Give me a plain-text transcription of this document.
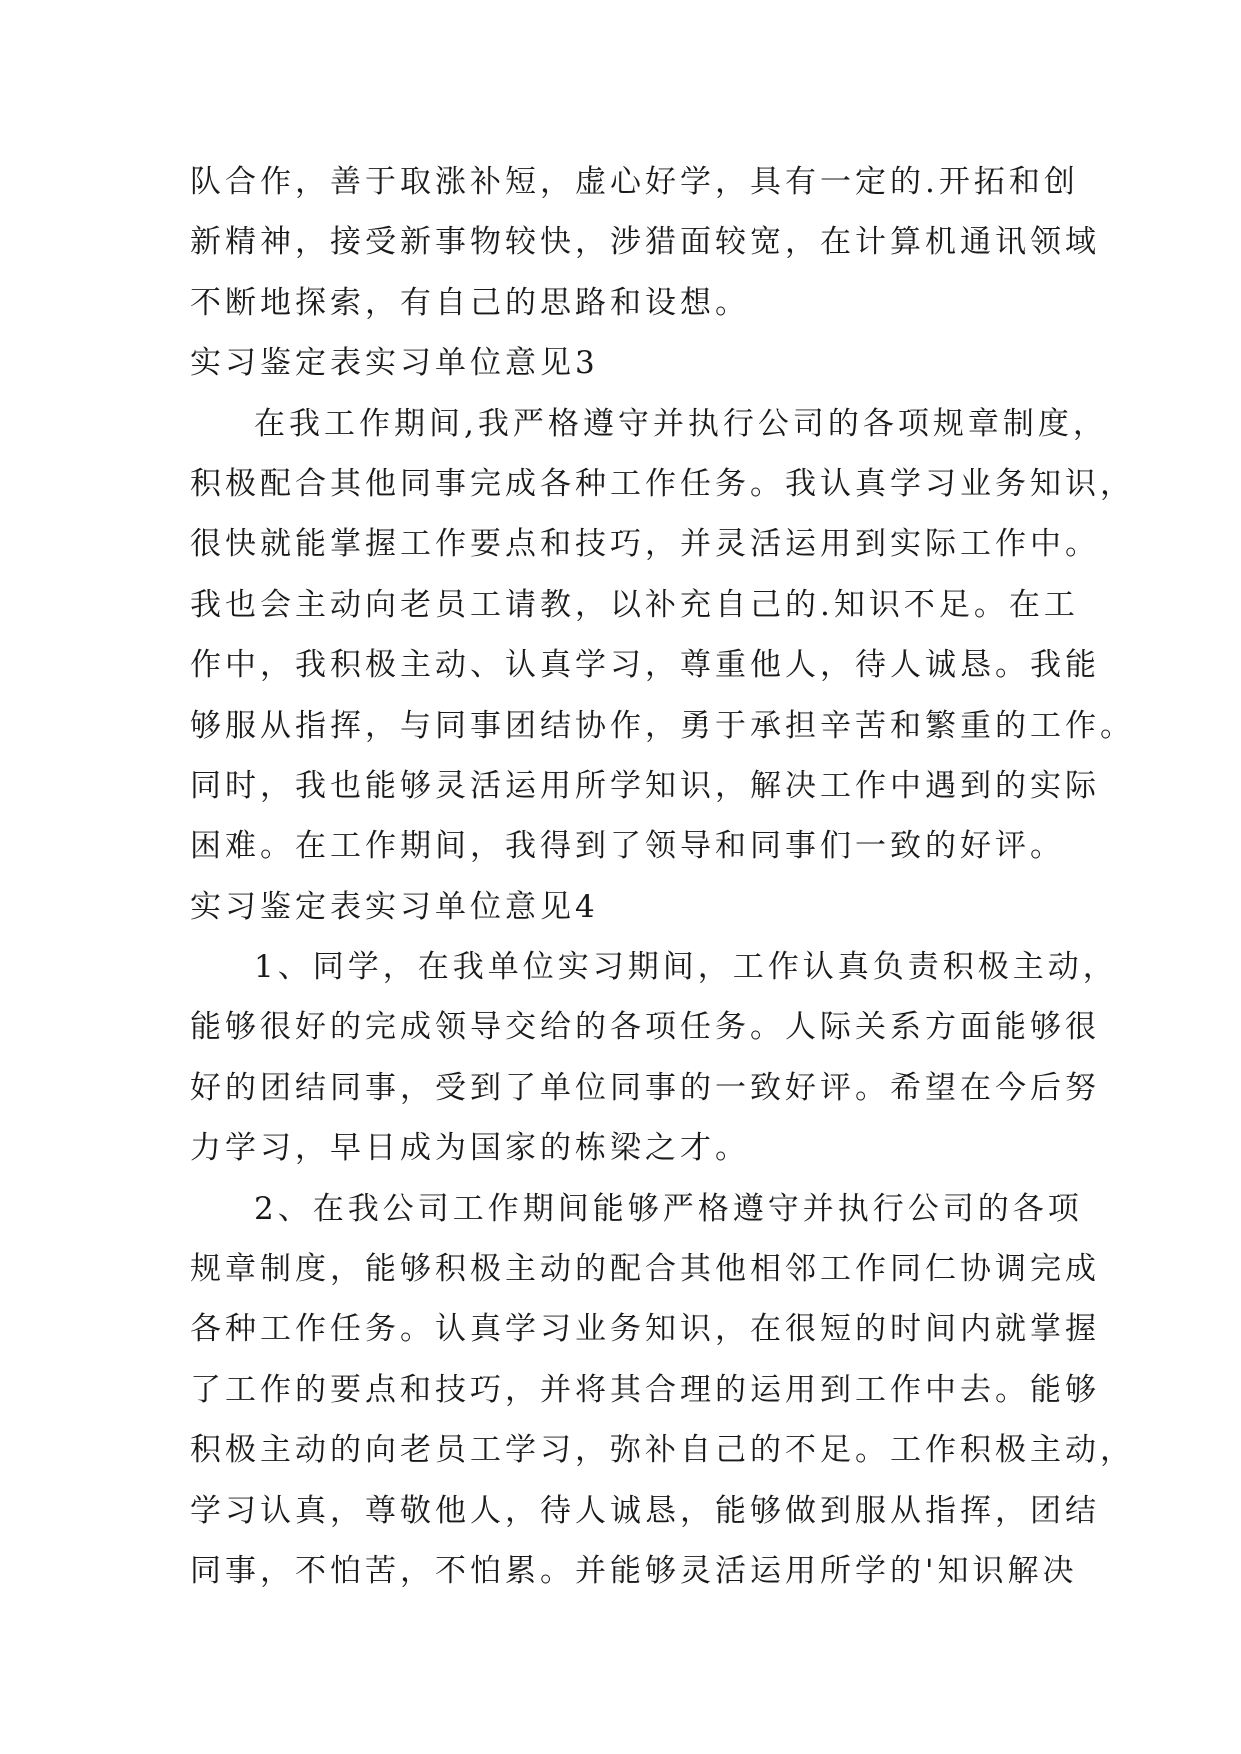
队合作，善于取涨补短，虚心好学，具有一定的.开拓和创
新精神，接受新事物较快，涉猎面较宽，在计算机通讯领域
不断地探索，有自己的思路和设想。
实习鉴定表实习单位意见3
在我工作期间,我严格遵守并执行公司的各项规章制度，
积极配合其他同事完成各种工作任务。我认真学习业务知识，
很快就能掌握工作要点和技巧，并灵活运用到实际工作中。
我也会主动向老员工请教，以补充自己的.知识不足。在工
作中，我积极主动、认真学习，尊重他人，待人诚恳。我能
够服从指挥，与同事团结协作，勇于承担辛苦和繁重的工作。
同时，我也能够灵活运用所学知识，解决工作中遇到的实际
困难。在工作期间，我得到了领导和同事们一致的好评。
实习鉴定表实习单位意见4
1、同学，在我单位实习期间，工作认真负责积极主动，
能够很好的完成领导交给的各项任务。人际关系方面能够很
好的团结同事，受到了单位同事的一致好评。希望在今后努
力学习，早日成为国家的栋梁之才。
2、在我公司工作期间能够严格遵守并执行公司的各项
规章制度，能够积极主动的配合其他相邻工作同仁协调完成
各种工作任务。认真学习业务知识，在很短的时间内就掌握
了工作的要点和技巧，并将其合理的运用到工作中去。能够
积极主动的向老员工学习，弥补自己的不足。工作积极主动，
学习认真，尊敬他人，待人诚恳，能够做到服从指挥，团结
同事，不怕苦，不怕累。并能够灵活运用所学的'知识解决
